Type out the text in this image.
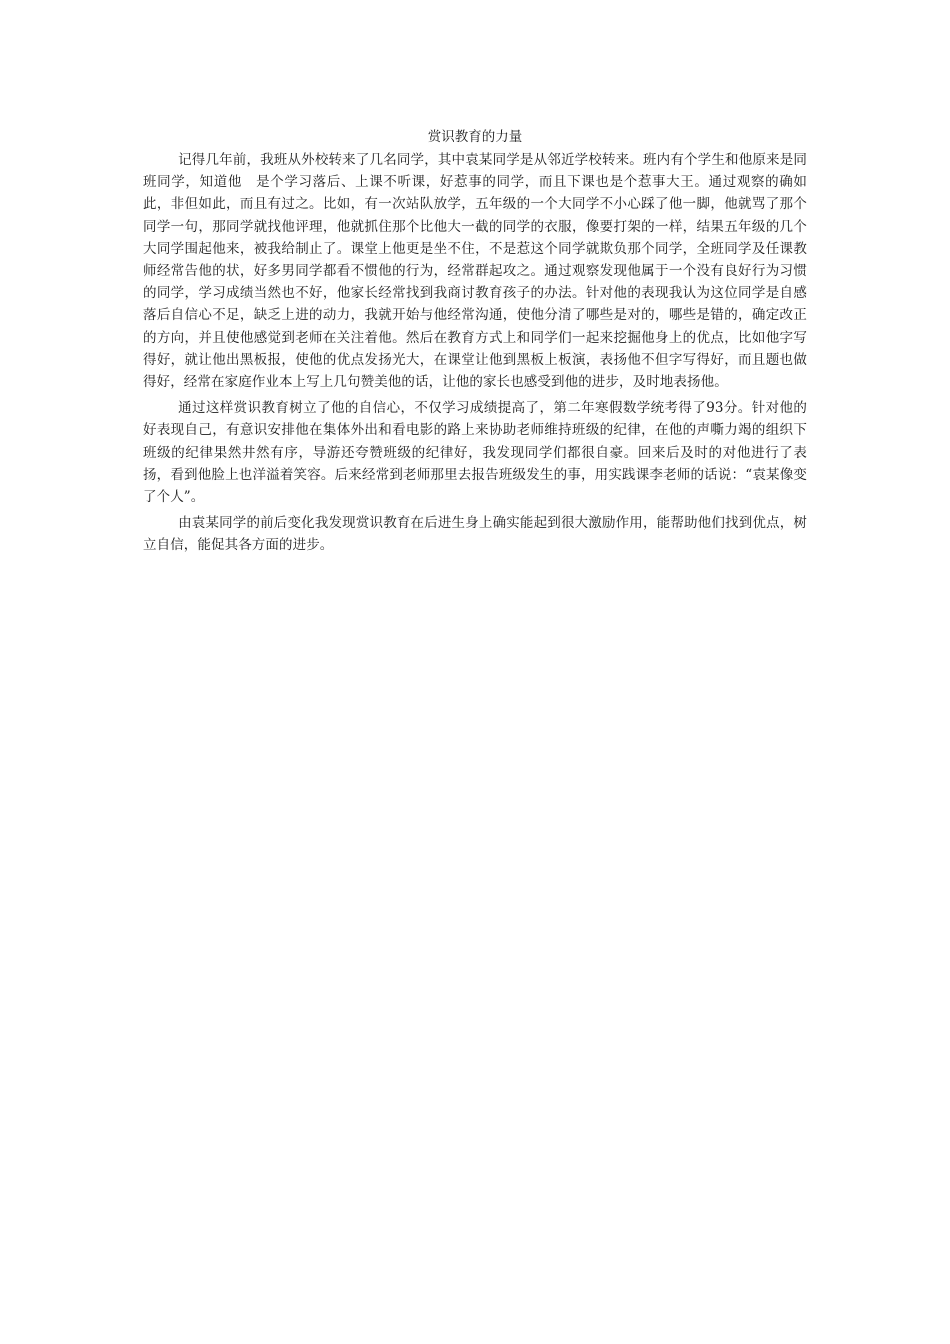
赏识教育的力量

记得几年前，我班从外校转来了几名同学，其中袁某同学是从邻近学校转来。班内有个学生和他原来是同班同学，知道他　是个学习落后、上课不听课，好惹事的同学，而且下课也是个惹事大王。通过观察的确如此，非但如此，而且有过之。比如，有一次站队放学，五年级的一个大同学不小心踩了他一脚，他就骂了那个同学一句，那同学就找他评理，他就抓住那个比他大一截的同学的衣服，像要打架的一样，结果五年级的几个大同学围起他来，被我给制止了。课堂上他更是坐不住，不是惹这个同学就欺负那个同学，全班同学及任课教师经常告他的状，好多男同学都看不惯他的行为，经常群起攻之。通过观察发现他属于一个没有良好行为习惯的同学，学习成绩当然也不好，他家长经常找到我商讨教育孩子的办法。针对他的表现我认为这位同学是自感落后自信心不足，缺乏上进的动力，我就开始与他经常沟通，使他分清了哪些是对的，哪些是错的，确定改正的方向，并且使他感觉到老师在关注着他。然后在教育方式上和同学们一起来挖掘他身上的优点，比如他字写得好，就让他出黑板报，使他的优点发扬光大，在课堂让他到黑板上板演，表扬他不但字写得好，而且题也做得好，经常在家庭作业本上写上几句赞美他的话，让他的家长也感受到他的进步，及时地表扬他。

通过这样赏识教育树立了他的自信心，不仅学习成绩提高了，第二年寒假数学统考得了93分。针对他的好表现自己，有意识安排他在集体外出和看电影的路上来协助老师维持班级的纪律，在他的声嘶力竭的组织下班级的纪律果然井然有序，导游还夸赞班级的纪律好，我发现同学们都很自豪。回来后及时的对他进行了表扬，看到他脸上也洋溢着笑容。后来经常到老师那里去报告班级发生的事，用实践课李老师的话说：“袁某像变了个人”。

由袁某同学的前后变化我发现赏识教育在后进生身上确实能起到很大激励作用，能帮助他们找到优点，树立自信，能促其各方面的进步。
